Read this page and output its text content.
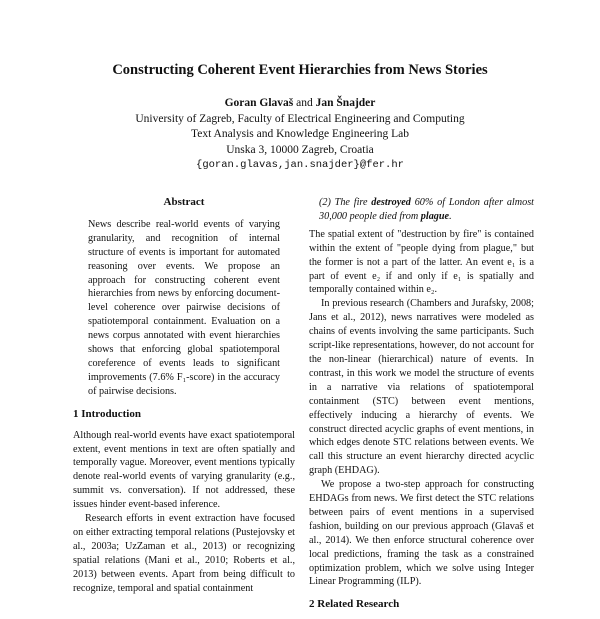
Constructing Coherent Event Hierarchies from News Stories
Goran Glavaš and Jan Šnajder
University of Zagreb, Faculty of Electrical Engineering and Computing
Text Analysis and Knowledge Engineering Lab
Unska 3, 10000 Zagreb, Croatia
{goran.glavas,jan.snajder}@fer.hr
Abstract

News describe real-world events of varying granularity, and recognition of internal structure of events is important for automated reasoning over events. We propose an approach for constructing coherent event hierarchies from news by enforcing document-level coherence over pairwise decisions of spatiotemporal containment. Evaluation on a news corpus annotated with event hierarchies shows that enforcing global spatiotemporal coreference of events leads to significant improvements (7.6% F₁-score) in the accuracy of pairwise decisions.

1 Introduction

Although real-world events have exact spatiotemporal extent, event mentions in text are often spatially and temporally vague. Moreover, event mentions typically denote real-world events of varying granularity (e.g., summit vs. conversation). If not addressed, these issues hinder event-based inference.

Research efforts in event extraction have focused on either extracting temporal relations (Pustejovsky et al., 2003a; UzZaman et al., 2013) or recognizing spatial relations (Mani et al., 2010; Roberts et al., 2013) between events. Apart from being difficult to recognize, temporal and spatial containment

(2) The fire destroyed 60% of London after almost 30,000 people died from plague.

The spatial extent of "destruction by fire" is contained within the extent of "people dying from plague," but the former is not a part of the latter. An event e₁ is a part of event e₂ if and only if e₁ is spatially and temporally contained within e₂.

In previous research (Chambers and Jurafsky, 2008; Jans et al., 2012), news narratives were modeled as chains of events involving the same participants. Such script-like representations, however, do not account for the non-linear (hierarchical) nature of events. In contrast, in this work we model the structure of events in a narrative via relations of spatiotemporal containment (STC) between event mentions, effectively inducing a hierarchy of events. We construct directed acyclic graphs of event mentions, in which edges denote STC relations between events. We call this structure an event hierarchy directed acyclic graph (EHDAG).

We propose a two-step approach for constructing EHDAGs from news. We first detect the STC relations between pairs of event mentions in a supervised fashion, building on our previous approach (Glavaš et al., 2014). We then enforce structural coherence over local predictions, framing the task as a constrained optimization problem, which we solve using Integer Linear Programming (ILP).

2 Related Research
